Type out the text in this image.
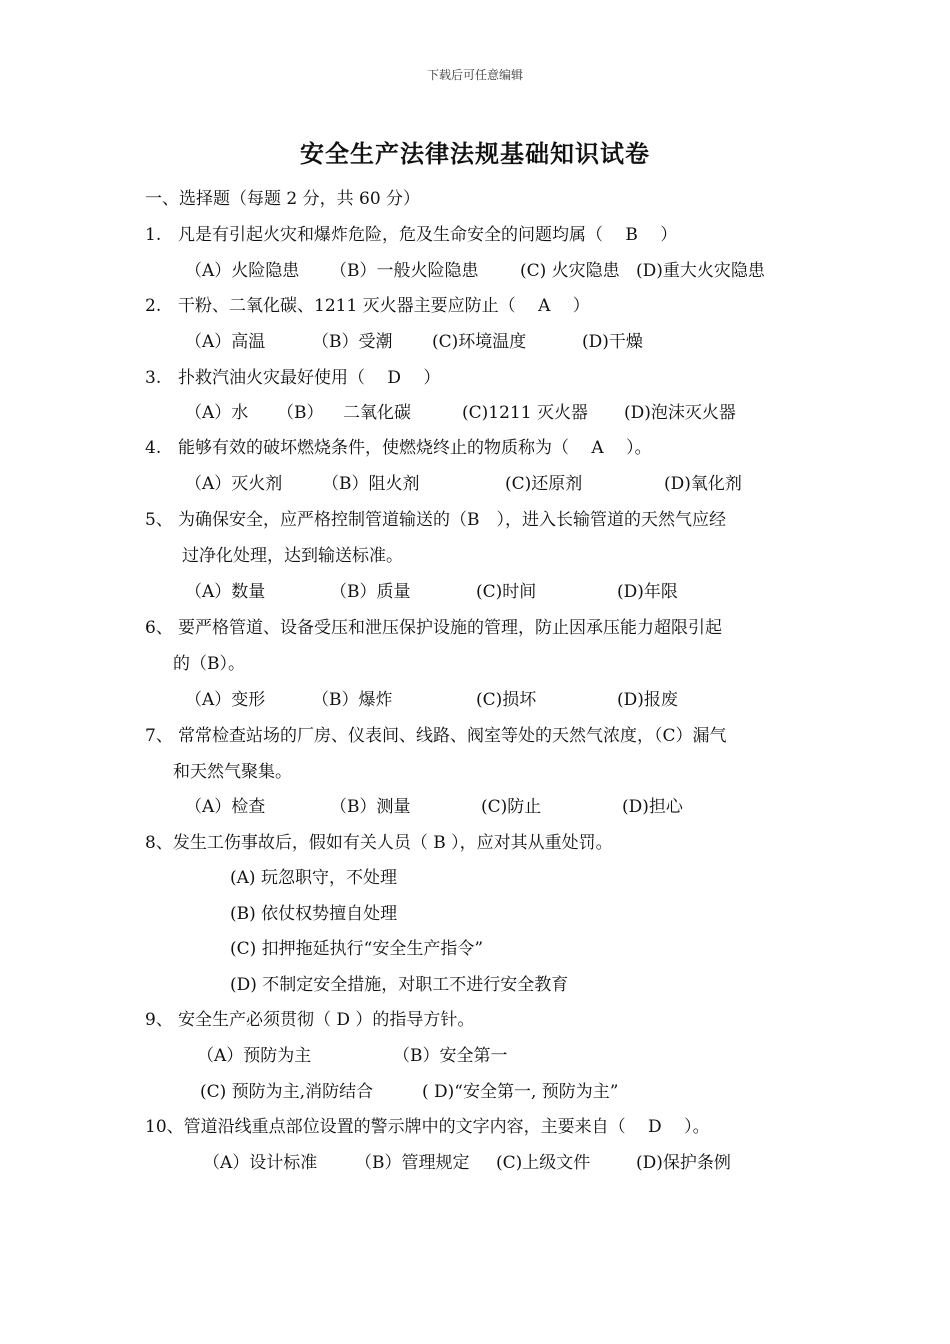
下载后可任意编辑
安全生产法律法规基础知识试卷
一、选择题（每题 2 分，共 60 分）
1. 凡是有引起火灾和爆炸危险，危及生命安全的问题均属（　 B　 ）
（A）火险隐患 （B）一般火险隐患 (C) 火灾隐患 (D)重大火灾隐患
2. 干粉、二氧化碳、1211 灭火器主要应防止（　 A　 ）
（A）高温	（B）受潮 (C)环境温度	(D)干燥
3. 扑救汽油火灾最好使用（　 D　 ）
（A）水 （B） 二氧化碳	(C)1211 灭火器 (D)泡沫灭火器
4. 能够有效的破坏燃烧条件，使燃烧终止的物质称为（　 A　 ）。
（A）灭火剂 （B）阻火剂	(C)还原剂	(D)氧化剂
5、 为确保安全，应严格控制管道输送的（B　），进入长输管道的天然气应经
过净化处理，达到输送标准。
（A）数量	（B）质量	(C)时间	(D)年限
6、 要严格管道、设备受压和泄压保护设施的管理，防止因承压能力超限引起
的（B）。
（A）变形	（B）爆炸	(C)损坏	(D)报废
7、 常常检查站场的厂房、仪表间、线路、阀室等处的天然气浓度，（C）漏气
和天然气聚集。
（A）检查	（B）测量	(C)防止	(D)担心
8、发生工伤事故后，假如有关人员（ B ），应对其从重处罚。
(A) 玩忽职守，不处理
(B) 依仗权势擅自处理
(C) 扣押拖延执行“安全生产指令”
(D) 不制定安全措施，对职工不进行安全教育
9、 安全生产必须贯彻（ D ）的指导方针。
（A）预防为主	（B）安全第一
(C) 预防为主,消防结合	( D)“安全第一, 预防为主”
10、管道沿线重点部位设置的警示牌中的文字内容，主要来自（　 D　 ）。
（A）设计标准 （B）管理规定 (C)上级文件	(D)保护条例
